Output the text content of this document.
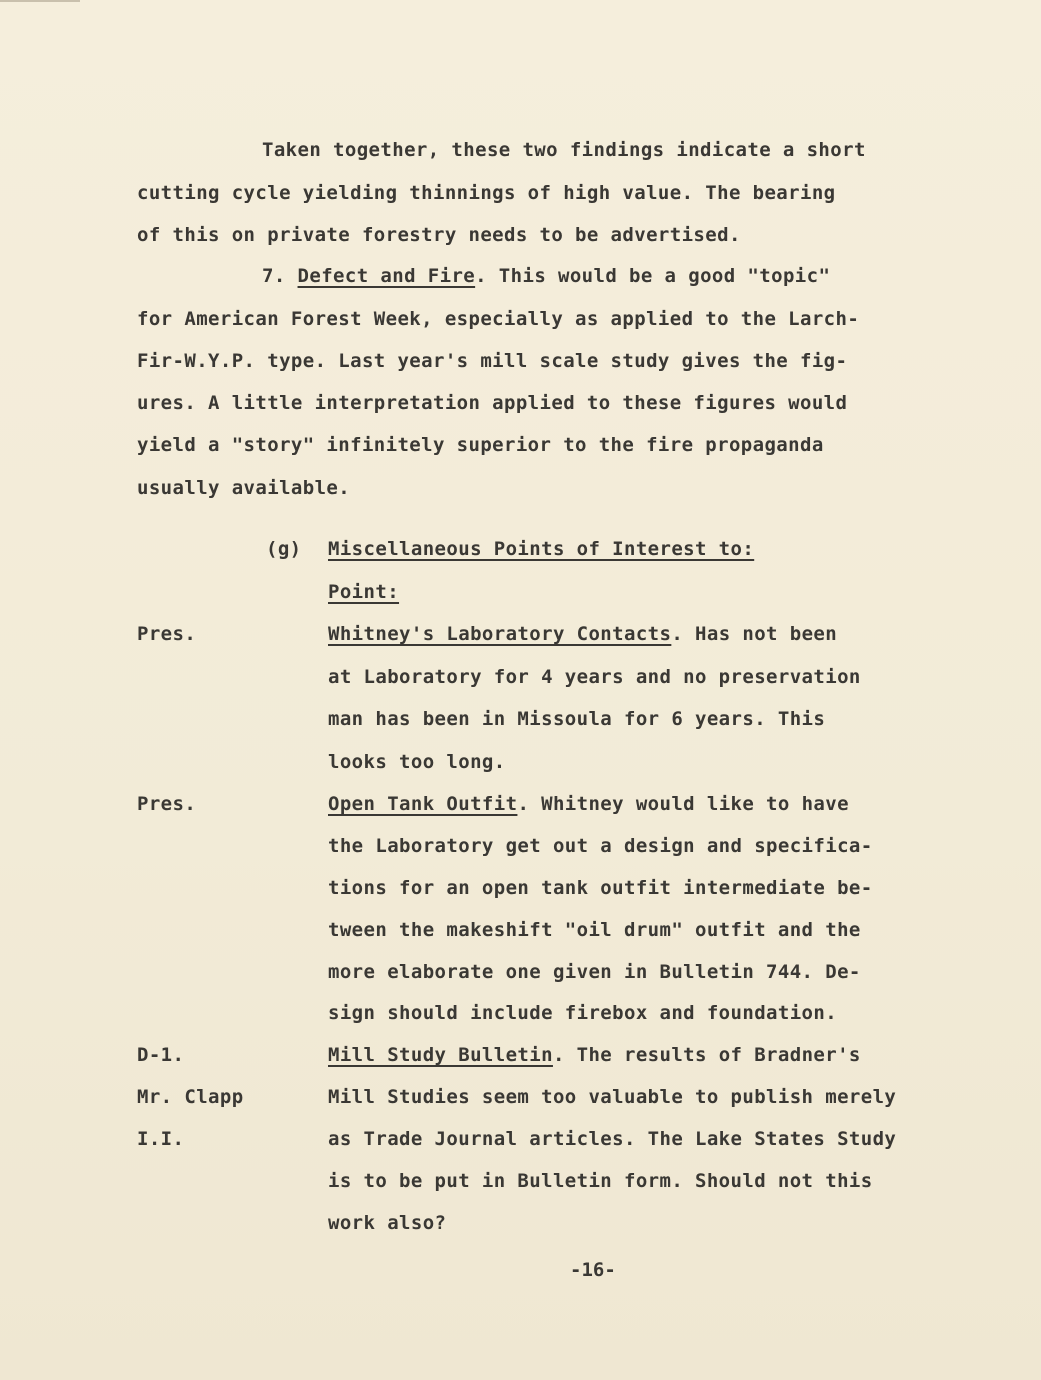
Taken together, these two findings indicate a short
cutting cycle yielding thinnings of high value. The bearing
of this on private forestry needs to be advertised.
7. Defect and Fire. This would be a good "topic"
for American Forest Week, especially as applied to the Larch-
Fir-W.Y.P. type. Last year's mill scale study gives the fig-
ures. A little interpretation applied to these figures would
yield a "story" infinitely superior to the fire propaganda
usually available.
(g) Miscellaneous Points of Interest to:
Point:
Pres.	Whitney's Laboratory Contacts. Has not been
at Laboratory for 4 years and no preservation
man has been in Missoula for 6 years. This
looks too long.
Pres.	Open Tank Outfit. Whitney would like to have
the Laboratory get out a design and specifica-
tions for an open tank outfit intermediate be-
tween the makeshift "oil drum" outfit and the
more elaborate one given in Bulletin 744. De-
sign should include firebox and foundation.
D-1.
Mr. Clapp
I.I.
Mill Study Bulletin. The results of Bradner's
Mill Studies seem too valuable to publish merely
as Trade Journal articles. The Lake States Study
is to be put in Bulletin form. Should not this
work also?
-16-
